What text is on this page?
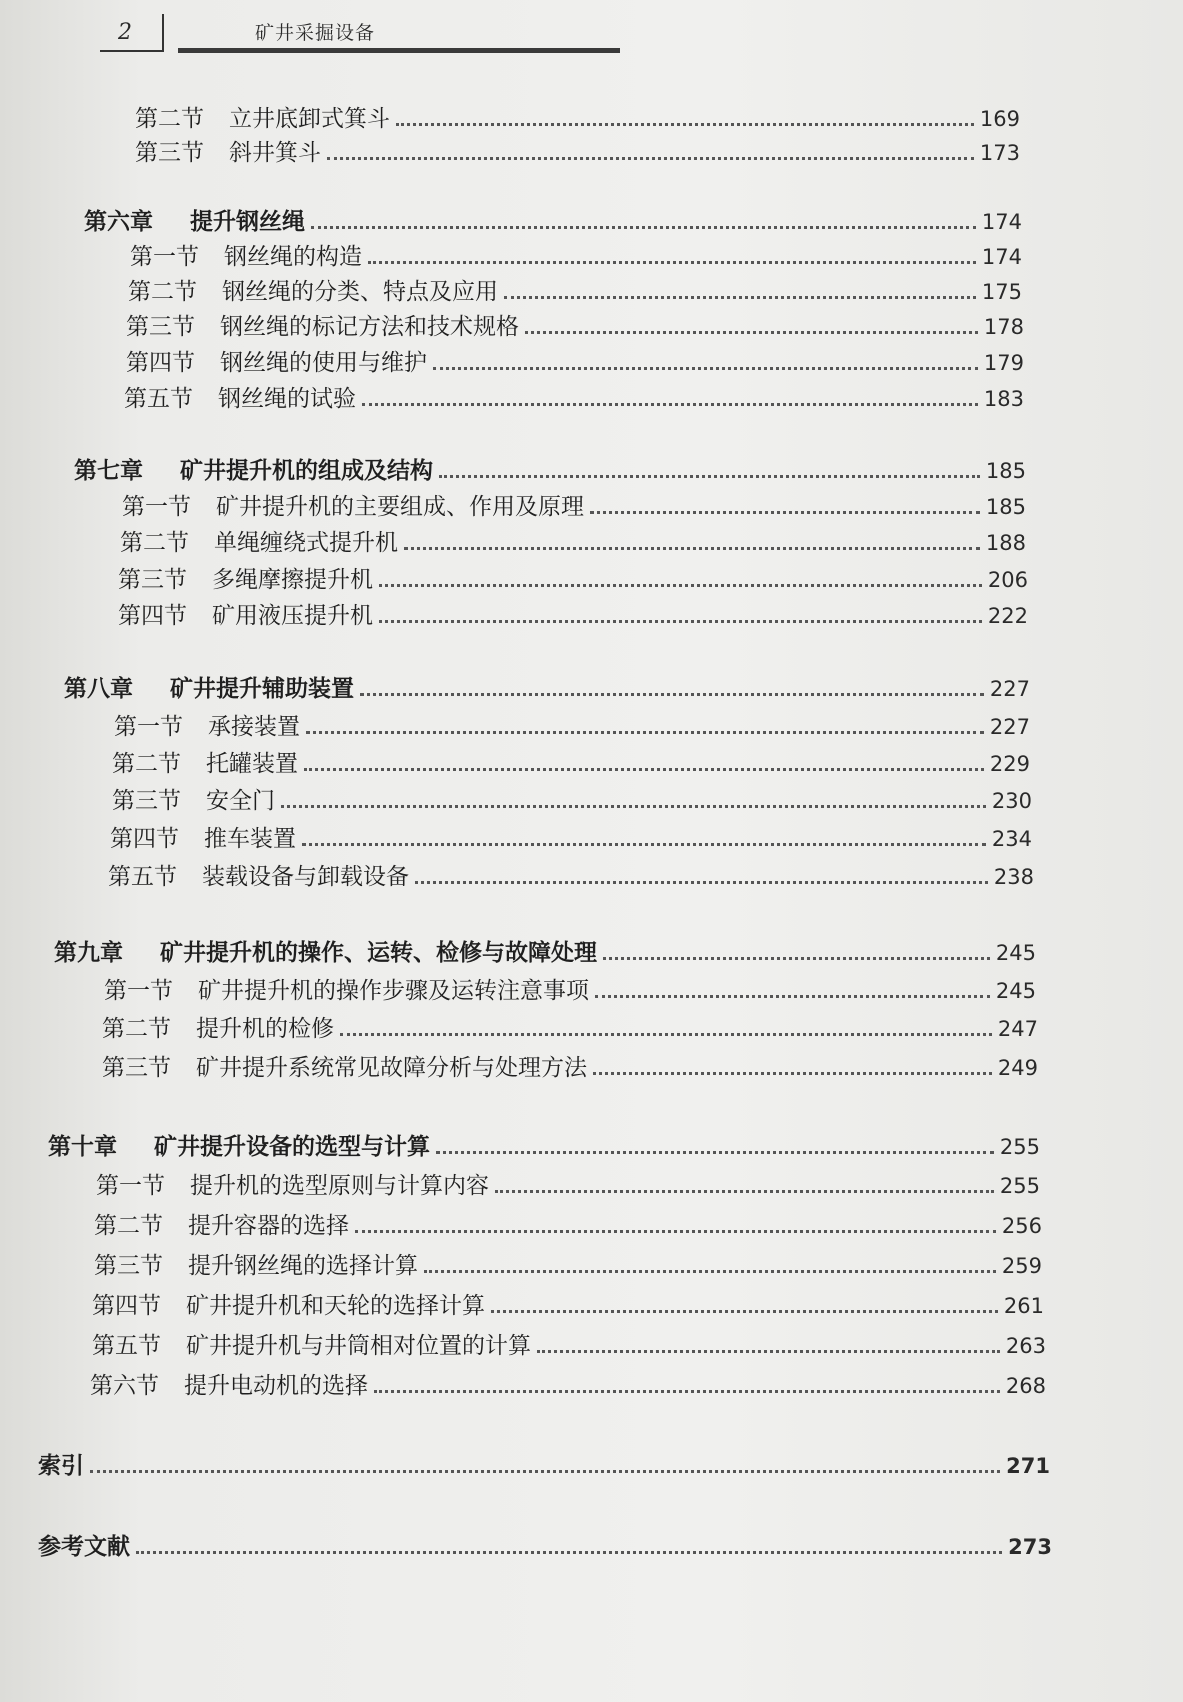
2	矿井采掘设备
第二节	立井底卸式箕斗	169
第三节	斜井箕斗	173
第六章	提升钢丝绳	174
第一节	钢丝绳的构造	174
第二节	钢丝绳的分类、特点及应用	175
第三节	钢丝绳的标记方法和技术规格	178
第四节	钢丝绳的使用与维护	179
第五节	钢丝绳的试验	183
第七章	矿井提升机的组成及结构	185
第一节	矿井提升机的主要组成、作用及原理	185
第二节	单绳缠绕式提升机	188
第三节	多绳摩擦提升机	206
第四节	矿用液压提升机	222
第八章	矿井提升辅助装置	227
第一节	承接装置	227
第二节	托罐装置	229
第三节	安全门	230
第四节	推车装置	234
第五节	装载设备与卸载设备	238
第九章	矿井提升机的操作、运转、检修与故障处理	245
第一节	矿井提升机的操作步骤及运转注意事项	245
第二节	提升机的检修	247
第三节	矿井提升系统常见故障分析与处理方法	249
第十章	矿井提升设备的选型与计算	255
第一节	提升机的选型原则与计算内容	255
第二节	提升容器的选择	256
第三节	提升钢丝绳的选择计算	259
第四节	矿井提升机和天轮的选择计算	261
第五节	矿井提升机与井筒相对位置的计算	263
第六节	提升电动机的选择	268
索引	271
参考文献	273
